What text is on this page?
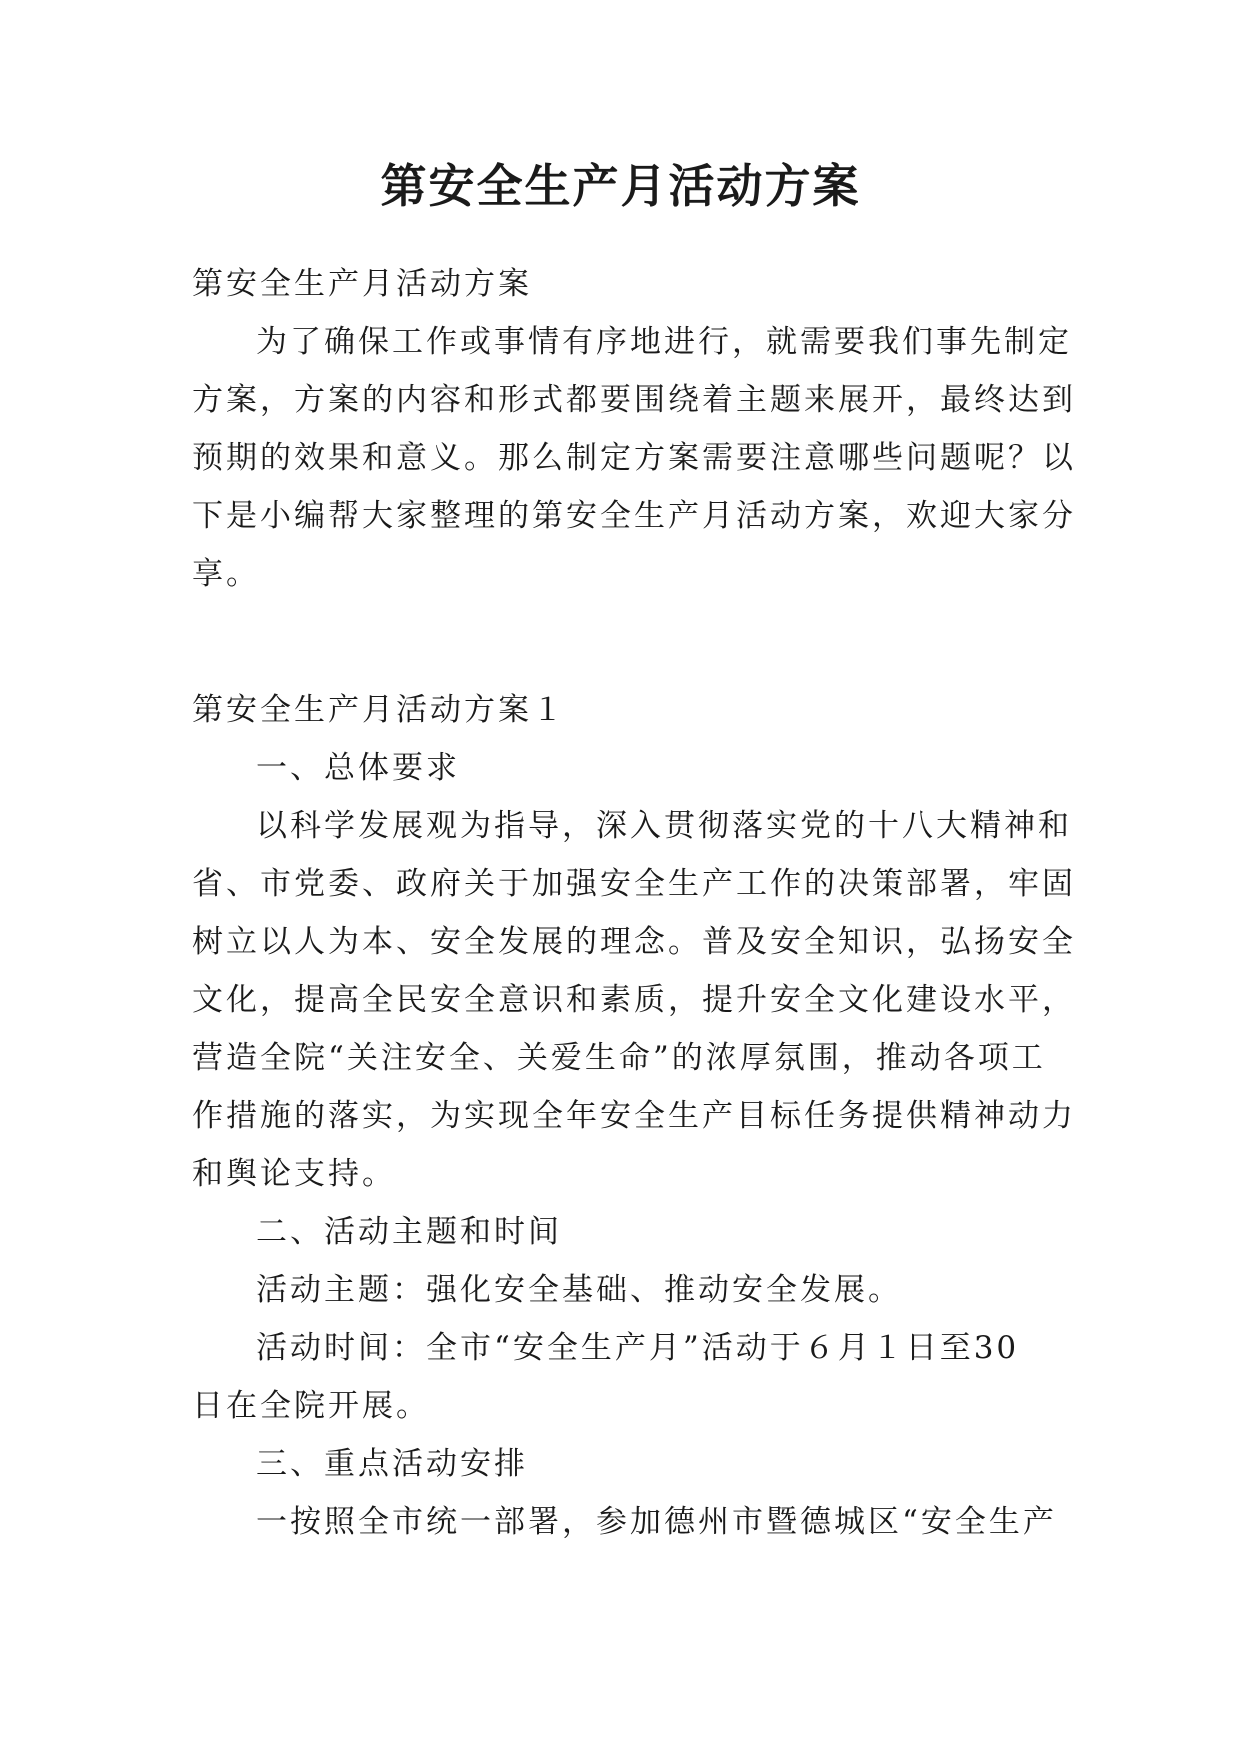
第安全生产月活动方案
第安全生产月活动方案
为了确保工作或事情有序地进行，就需要我们事先制定
方案，方案的内容和形式都要围绕着主题来展开，最终达到
预期的效果和意义。那么制定方案需要注意哪些问题呢？以
下是小编帮大家整理的第安全生产月活动方案，欢迎大家分
享。
第安全生产月活动方案１
一、总体要求
以科学发展观为指导，深入贯彻落实党的十八大精神和
省、市党委、政府关于加强安全生产工作的决策部署，牢固
树立以人为本、安全发展的理念。普及安全知识，弘扬安全
文化，提高全民安全意识和素质，提升安全文化建设水平，
营造全院“关注安全、关爱生命”的浓厚氛围，推动各项工
作措施的落实，为实现全年安全生产目标任务提供精神动力
和舆论支持。
二、活动主题和时间
活动主题：强化安全基础、推动安全发展。
活动时间：全市“安全生产月”活动于６月１日至30
日在全院开展。
三、重点活动安排
一按照全市统一部署，参加德州市暨德城区“安全生产
